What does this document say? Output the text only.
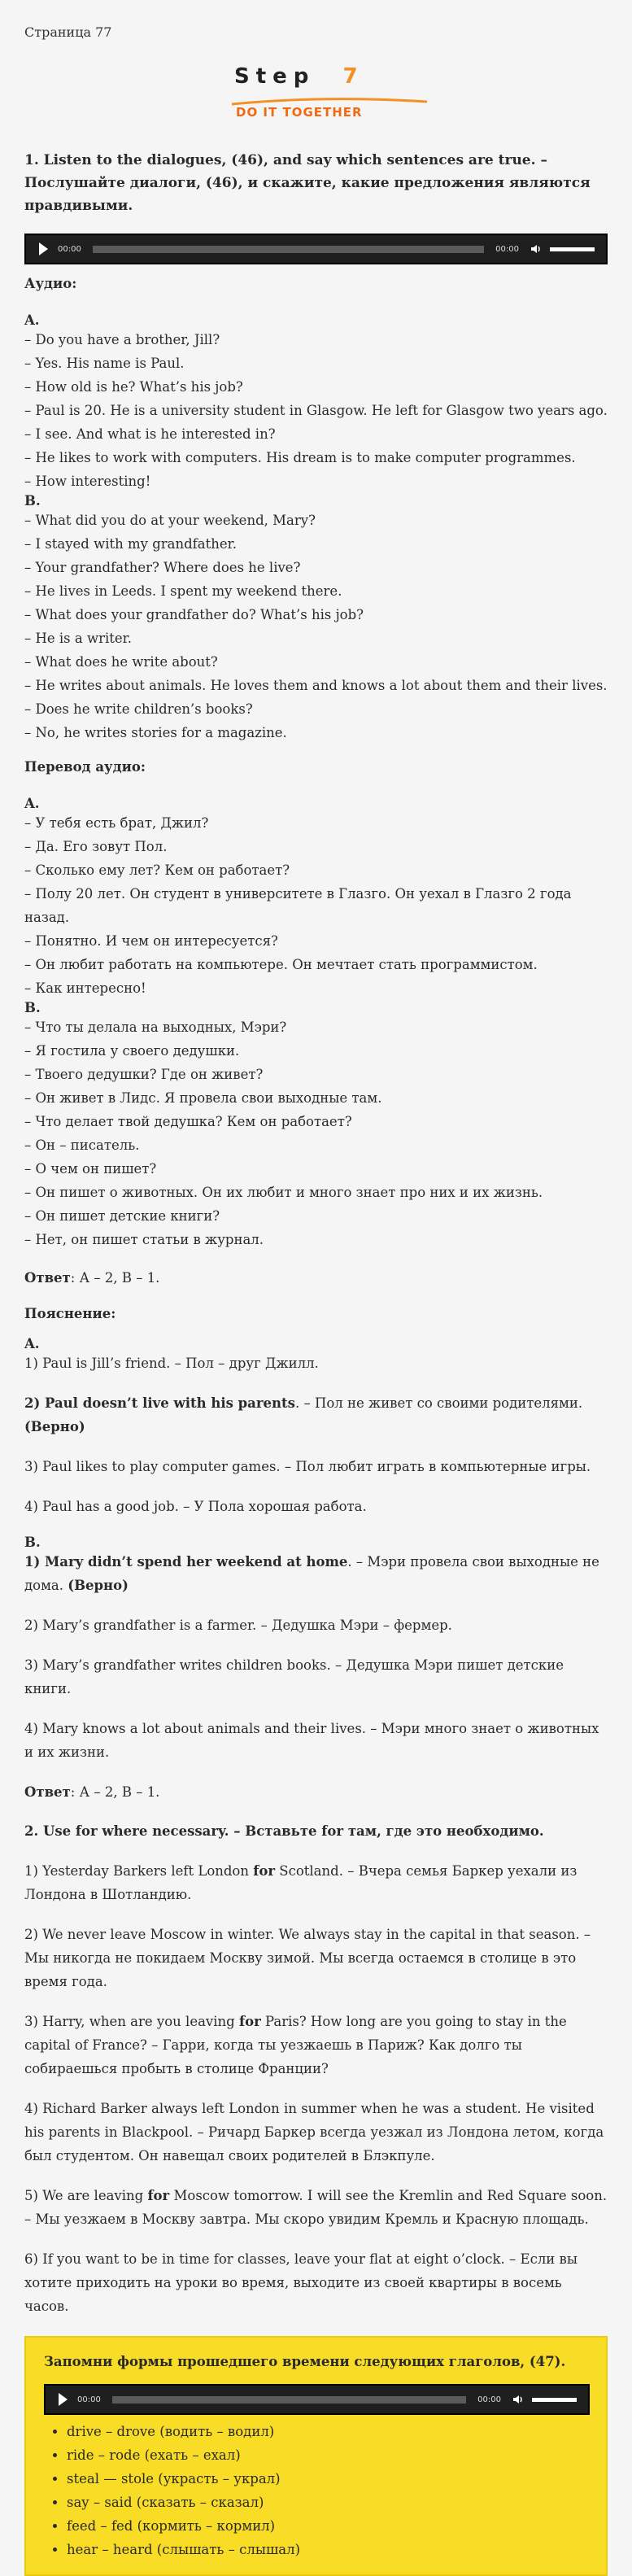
Страница 77
Step 7
DO IT TOGETHER
1. Listen to the dialogues, (46), and say which sentences are true. – Послушайте диалоги, (46), и скажите, какие предложения являются правдивыми.
00:00	00:00
Аудио:
A.
– Do you have a brother, Jill?
– Yes. His name is Paul.
– How old is he? What’s his job?
– Paul is 20. He is a university student in Glasgow. He left for Glasgow two years ago.
– I see. And what is he interested in?
– He likes to work with computers. His dream is to make computer programmes.
– How interesting!
B.
– What did you do at your weekend, Mary?
– I stayed with my grandfather.
– Your grandfather? Where does he live?
– He lives in Leeds. I spent my weekend there.
– What does your grandfather do? What’s his job?
– He is a writer.
– What does he write about?
– He writes about animals. He loves them and knows a lot about them and their lives.
– Does he write children’s books?
– No, he writes stories for a magazine.
Перевод аудио:
A.
– У тебя есть брат, Джил?
– Да. Его зовут Пол.
– Сколько ему лет? Кем он работает?
– Полу 20 лет. Он студент в университете в Глазго. Он уехал в Глазго 2 года назад.
– Понятно. И чем он интересуется?
– Он любит работать на компьютере. Он мечтает стать программистом.
– Как интересно!
B.
– Что ты делала на выходных, Мэри?
– Я гостила у своего дедушки.
– Твоего дедушки? Где он живет?
– Он живет в Лидс. Я провела свои выходные там.
– Что делает твой дедушка? Кем он работает?
– Он – писатель.
– О чем он пишет?
– Он пишет о животных. Он их любит и много знает про них и их жизнь.
– Он пишет детские книги?
– Нет, он пишет статьи в журнал.

Ответ: А – 2, В – 1.

Пояснение:
A.

1) Paul is Jill’s friend. – Пол – друг Джилл.

2) Paul doesn’t live with his parents. – Пол не живет со своими родителями.
(Верно)

3) Paul likes to play computer games. – Пол любит играть в компьютерные игры.

4) Paul has a good job. – У Пола хорошая работа.

B.

1) Mary didn’t spend her weekend at home. – Мэри провела свои выходные не дома. (Верно)

2) Mary’s grandfather is a farmer. – Дедушка Мэри – фермер.

3) Mary’s grandfather writes children books. – Дедушка Мэри пишет детские книги.

4) Mary knows a lot about animals and their lives. – Мэри много знает о животных и их жизни.

Ответ: А – 2, В – 1.

2. Use for where necessary. – Вставьте for там, где это необходимо.

1) Yesterday Barkers left London for Scotland. – Вчера семья Баркер уехали из Лондона в Шотландию.

2) We never leave Moscow in winter. We always stay in the capital in that season. – Мы никогда не покидаем Москву зимой. Мы всегда остаемся в столице в это время года.

3) Harry, when are you leaving for Paris? How long are you going to stay in the capital of France? – Гарри, когда ты уезжаешь в Париж? Как долго ты собираешься пробыть в столице Франции?

4) Richard Barker always left London in summer when he was a student. He visited his parents in Blackpool. – Ричард Баркер всегда уезжал из Лондона летом, когда был студентом. Он навещал своих родителей в Блэкпуле.

5) We are leaving for Moscow tomorrow. I will see the Kremlin and Red Square soon. – Мы уезжаем в Москву завтра. Мы скоро увидим Кремль и Красную площадь.

6) If you want to be in time for classes, leave your flat at eight o’clock. – Если вы хотите приходить на уроки во время, выходите из своей квартиры в восемь часов.

Запомни формы прошедшего времени следующих глаголов, (47).
00:00	00:00
• drive – drove (водить – водил)
• ride – rode (ехать – ехал)
• steal — stole (украсть – украл)
• say – said (сказать – сказал)
• feed – fed (кормить – кормил)
• hear – heard (слышать – слышал)
